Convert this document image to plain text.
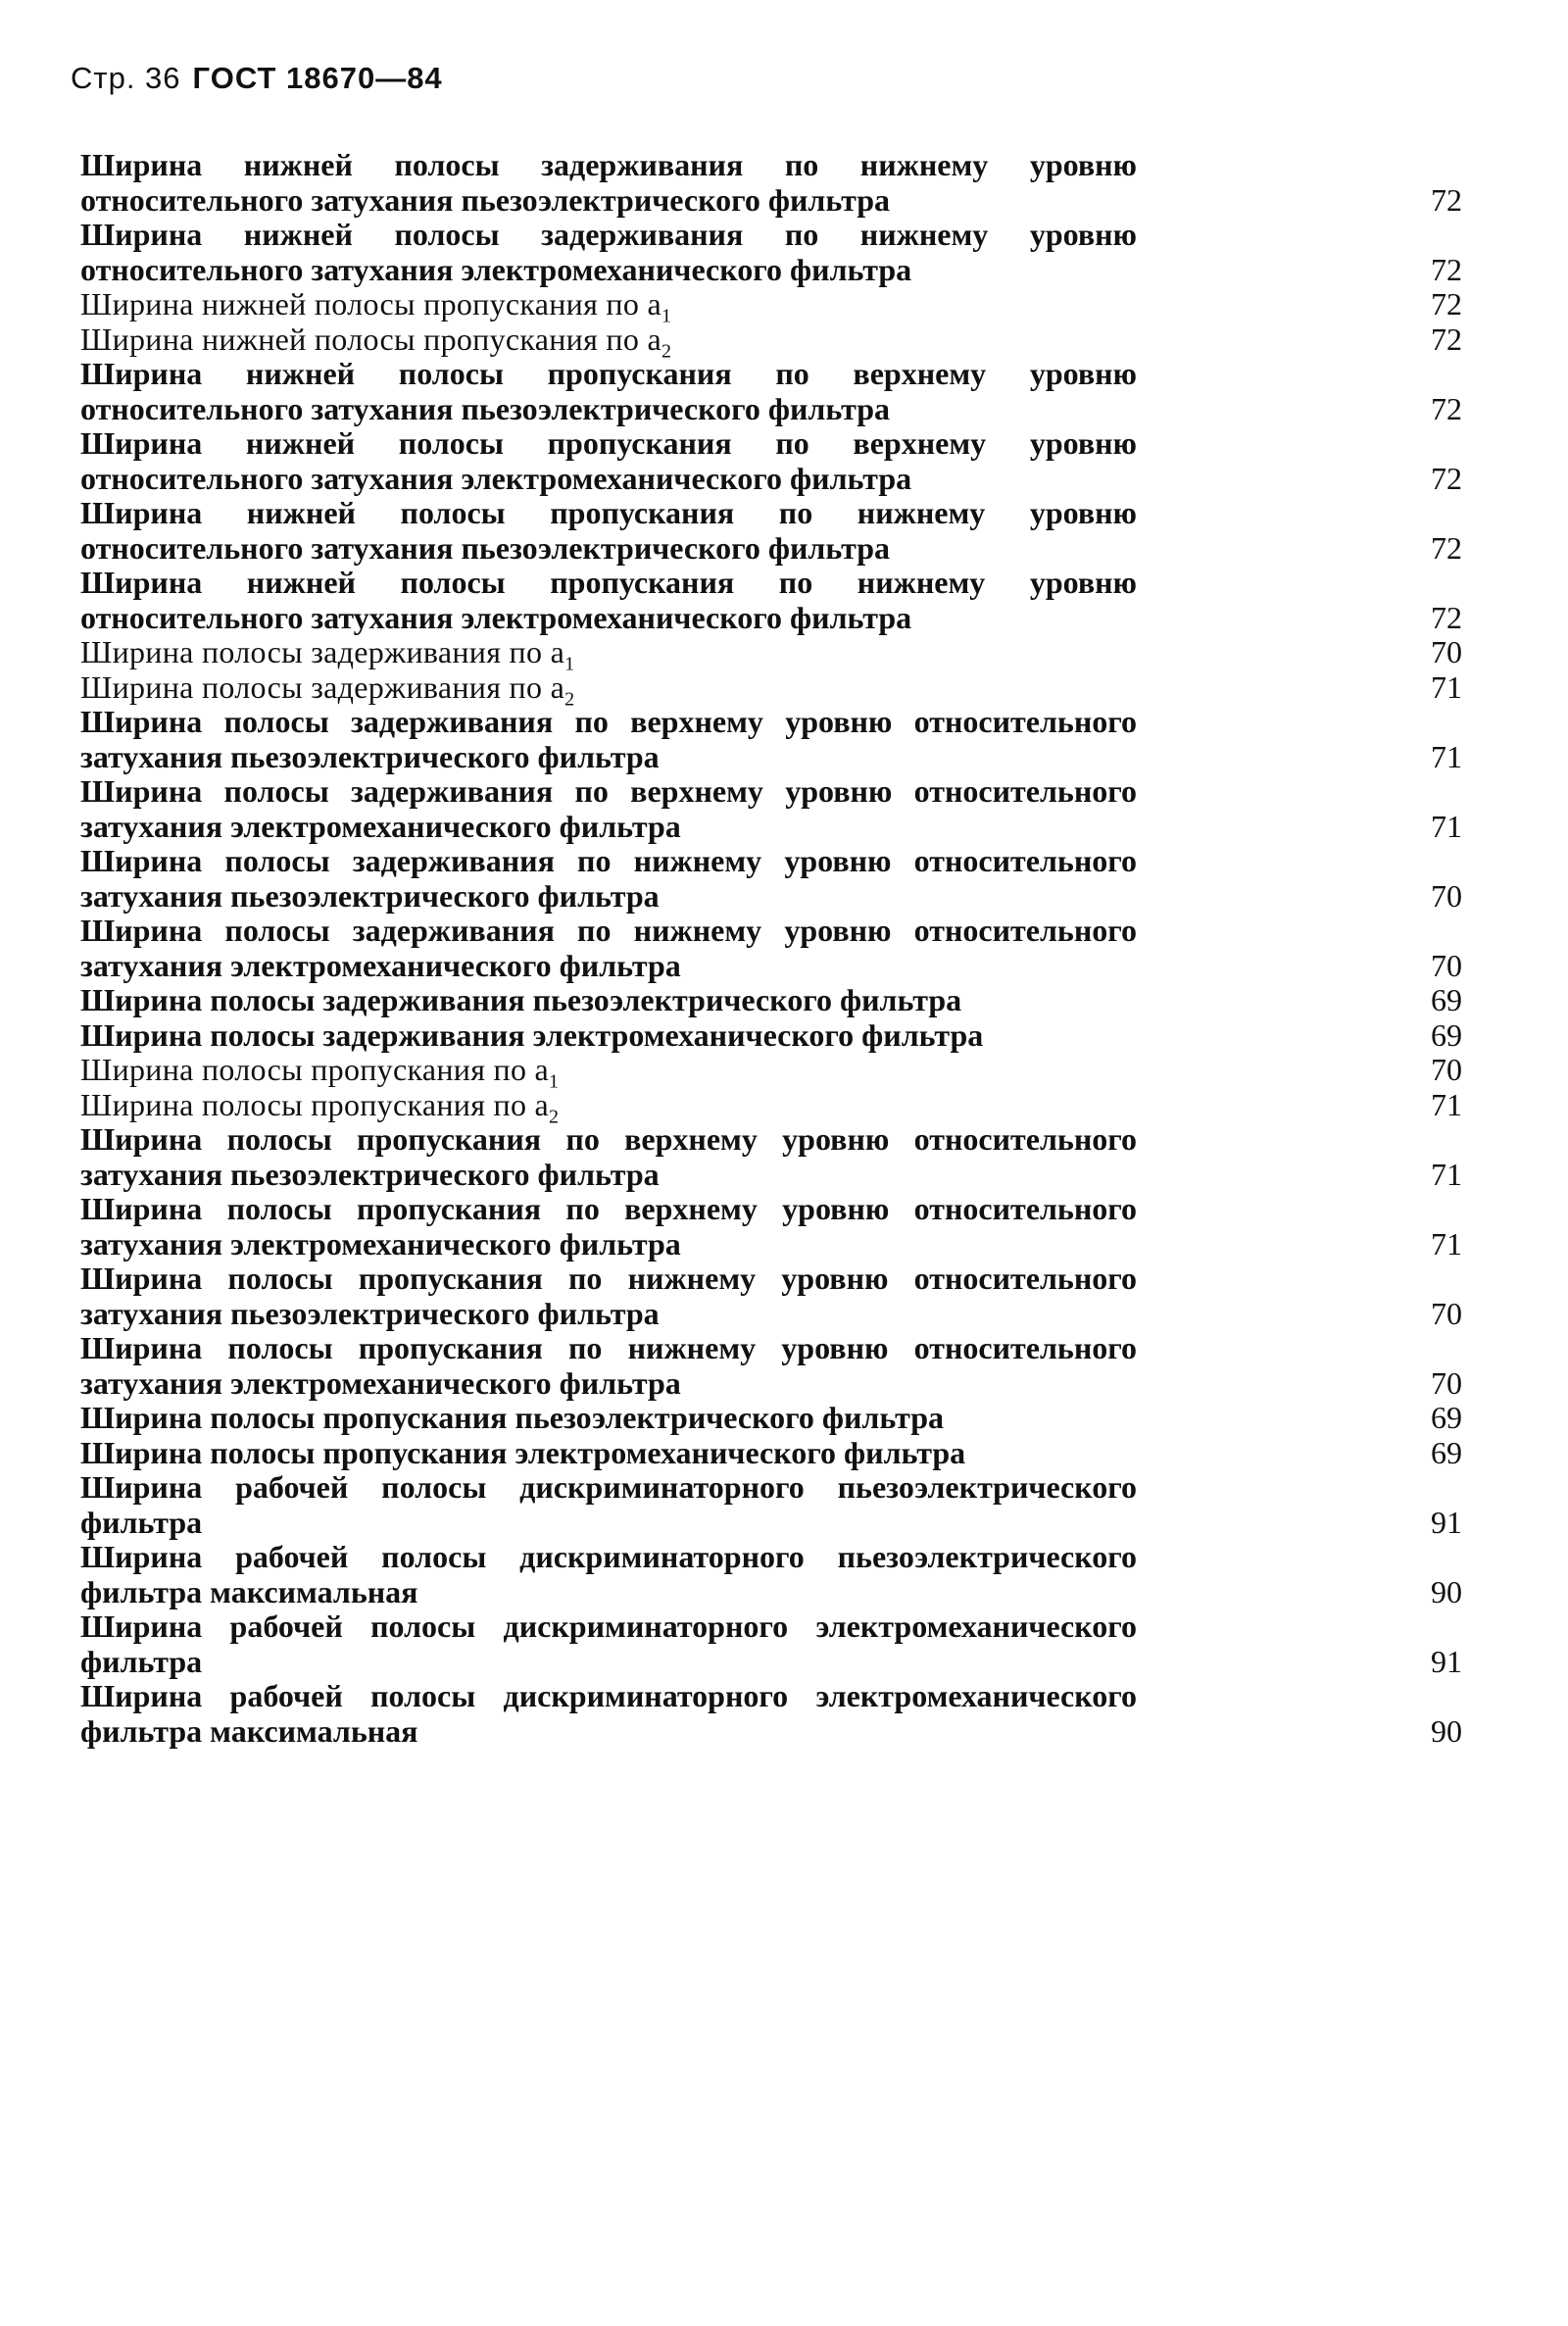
Стр. 36 ГОСТ 18670—84
Ширина нижней полосы задерживания по нижнему уровню относительного затухания пьезоэлектрического фильтра	72
Ширина нижней полосы задерживания по нижнему уровню относительного затухания электромеханического фильтра	72
Ширина нижней полосы пропускания по $a_1$	72
Ширина нижней полосы пропускания по $a_2$	72
Ширина нижней полосы пропускания по верхнему уровню относительного затухания пьезоэлектрического фильтра	72
Ширина нижней полосы пропускания по верхнему уровню относительного затухания электромеханического фильтра	72
Ширина нижней полосы пропускания по нижнему уровню относительного затухания пьезоэлектрического фильтра	72
Ширина нижней полосы пропускания по нижнему уровню относительного затухания электромеханического фильтра	72
Ширина полосы задерживания по $a_1$	70
Ширина полосы задерживания по $a_2$	71
Ширина полосы задерживания по верхнему уровню относительного затухания пьезоэлектрического фильтра	71
Ширина полосы задерживания по верхнему уровню относительного затухания электромеханического фильтра	71
Ширина полосы задерживания по нижнему уровню относительного затухания пьезоэлектрического фильтра	70
Ширина полосы задерживания по нижнему уровню относительного затухания электромеханического фильтра	70
Ширина полосы задерживания пьезоэлектрического фильтра	69
Ширина полосы задерживания электромеханического фильтра	69
Ширина полосы пропускания по $a_1$	70
Ширина полосы пропускания по $a_2$	71
Ширина полосы пропускания по верхнему уровню относительного затухания пьезоэлектрического фильтра	71
Ширина полосы пропускания по верхнему уровню относительного затухания электромеханического фильтра	71
Ширина полосы пропускания по нижнему уровню относительного затухания пьезоэлектрического фильтра	70
Ширина полосы пропускания по нижнему уровню относительного затухания электромеханического фильтра	70
Ширина полосы пропускания пьезоэлектрического фильтра	69
Ширина полосы пропускания электромеханического фильтра	69
Ширина рабочей полосы дискриминаторного пьезоэлектрического фильтра	91
Ширина рабочей полосы дискриминаторного пьезоэлектрического фильтра максимальная	90
Ширина рабочей полосы дискриминаторного электромеханического фильтра	91
Ширина рабочей полосы дискриминаторного электромеханического фильтра максимальная	90
